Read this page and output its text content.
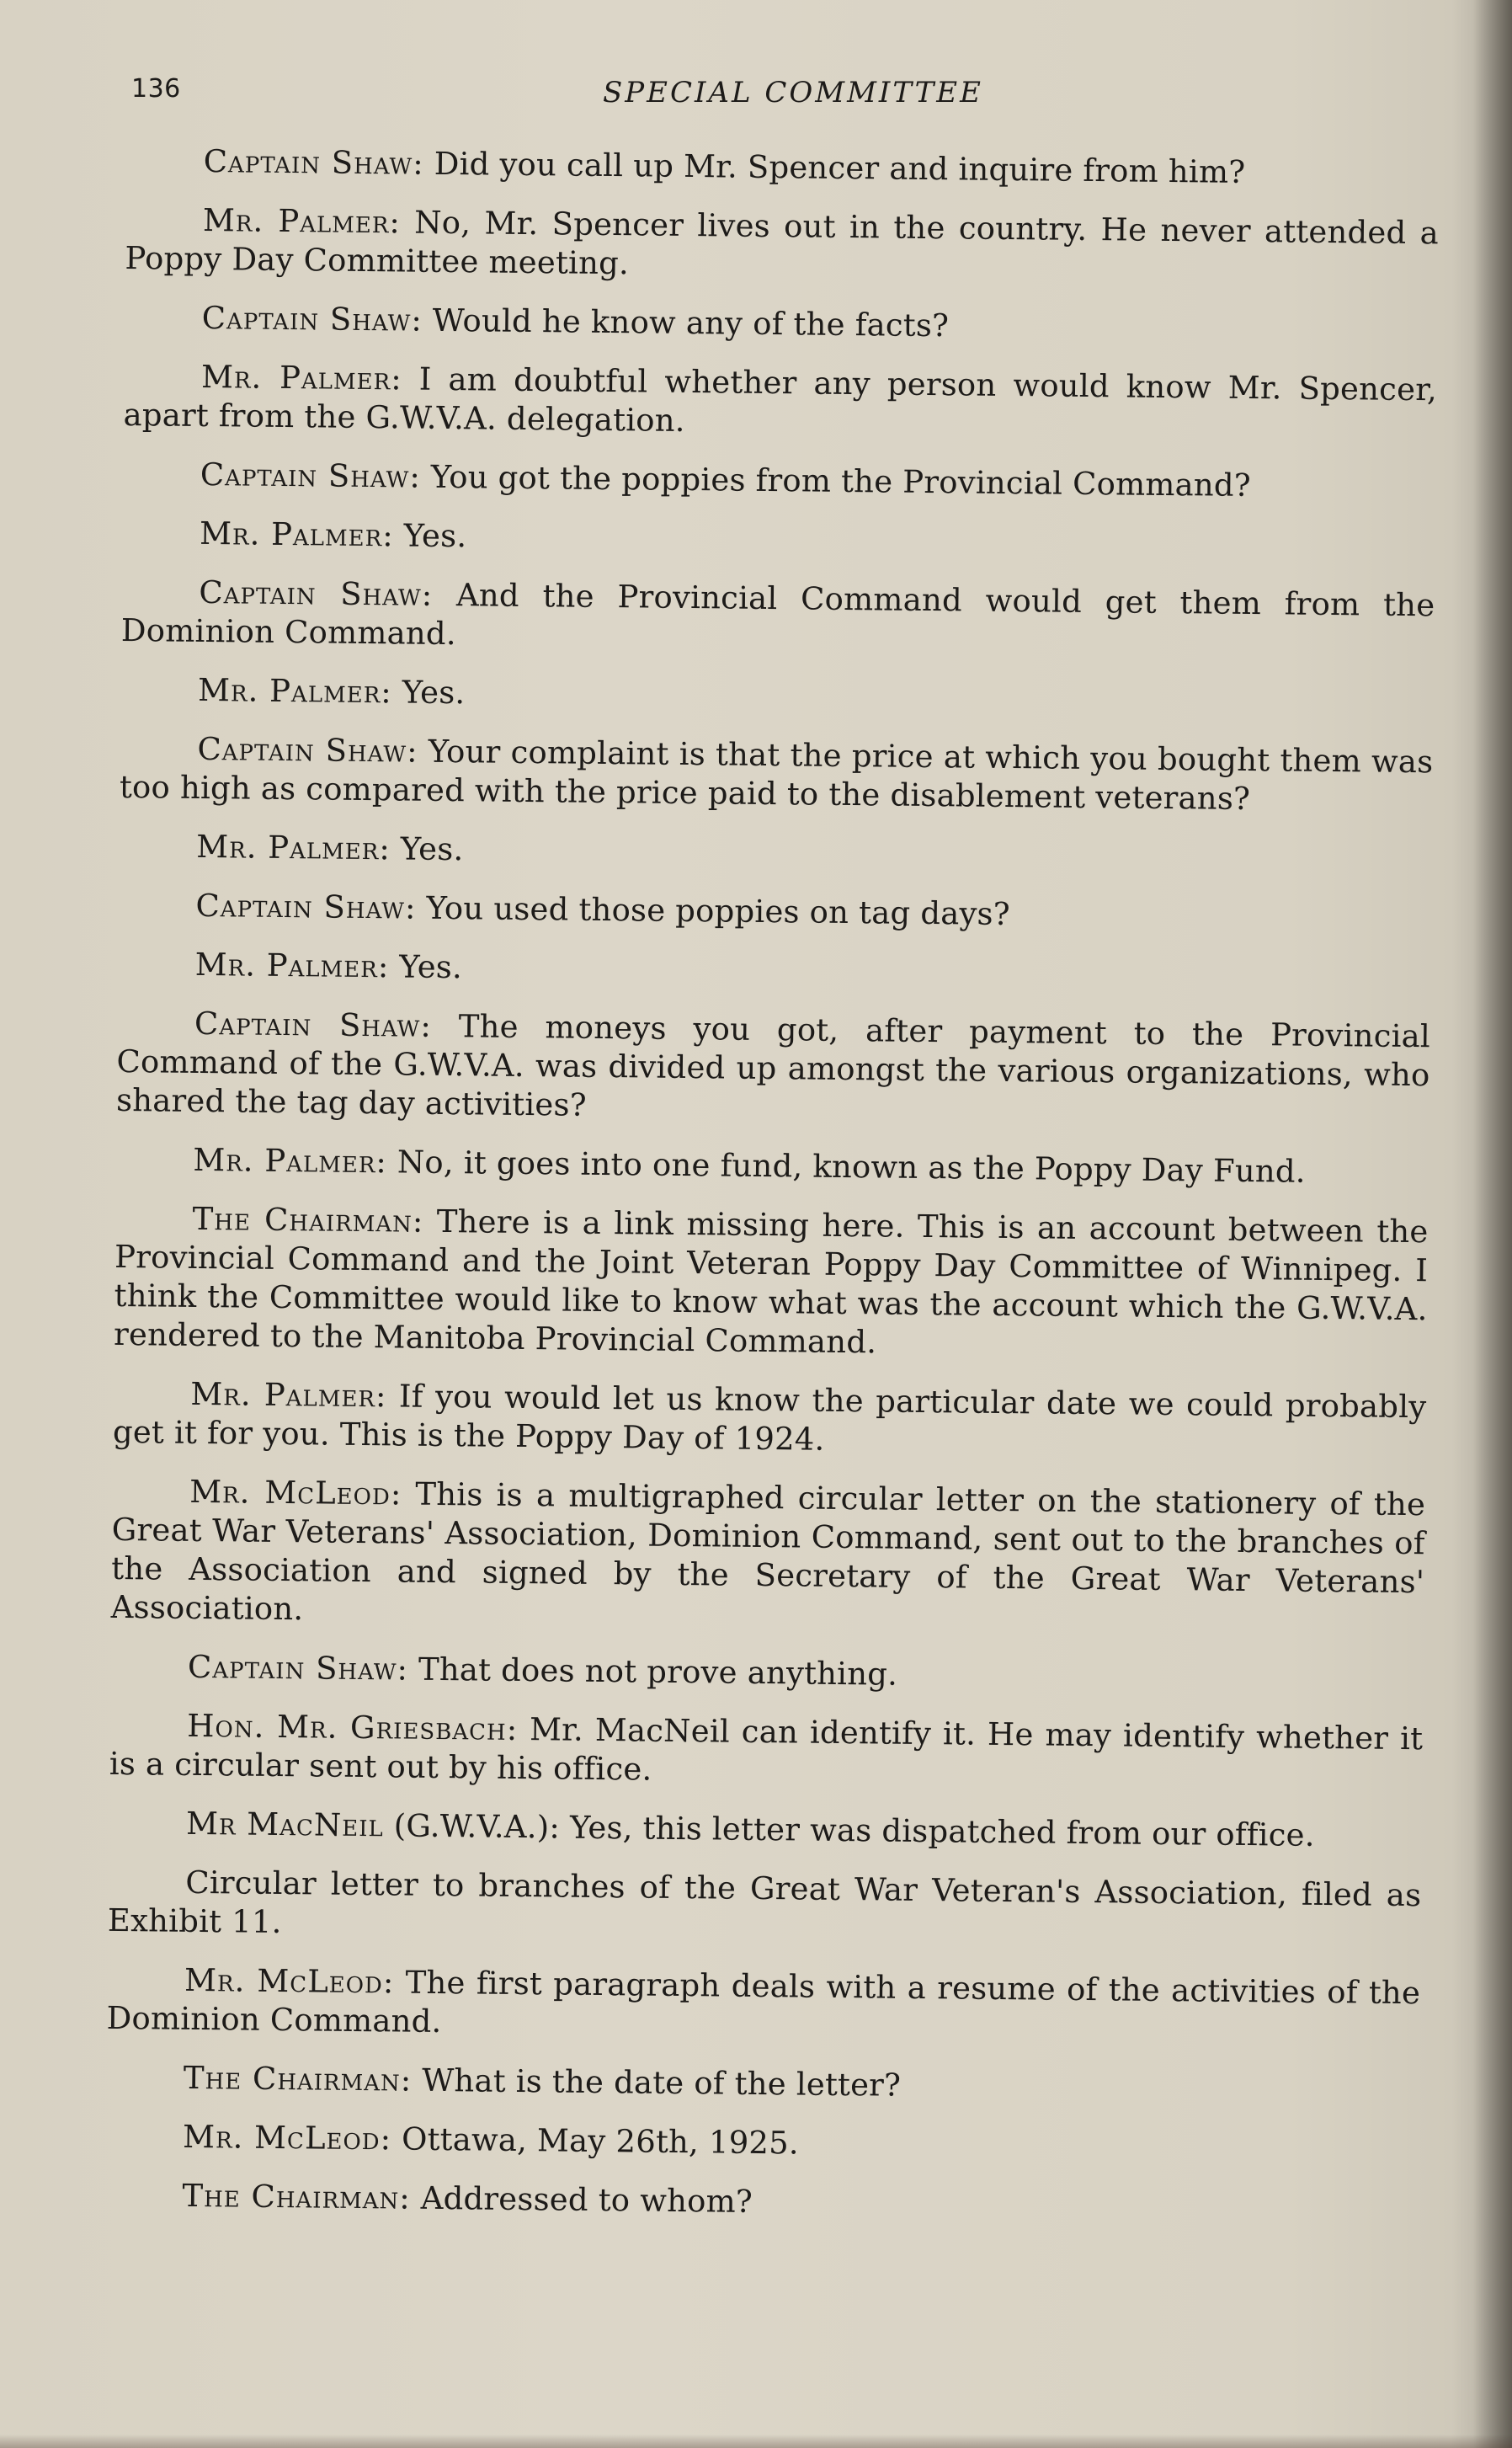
136	SPECIAL COMMITTEE

Captain Shaw: Did you call up Mr. Spencer and inquire from him?

Mr. Palmer: No, Mr. Spencer lives out in the country. He never attended a Poppy Day Committee meeting.

Captain Shaw: Would he know any of the facts?

Mr. Palmer: I am doubtful whether any person would know Mr. Spencer, apart from the G.W.V.A. delegation.

Captain Shaw: You got the poppies from the Provincial Command?

Mr. Palmer: Yes.

Captain Shaw: And the Provincial Command would get them from the Dominion Command.

Mr. Palmer: Yes.

Captain Shaw: Your complaint is that the price at which you bought them was too high as compared with the price paid to the disablement veterans?

Mr. Palmer: Yes.

Captain Shaw: You used those poppies on tag days?

Mr. Palmer: Yes.

Captain Shaw: The moneys you got, after payment to the Provincial Command of the G.W.V.A. was divided up amongst the various organizations, who shared the tag day activities?

Mr. Palmer: No, it goes into one fund, known as the Poppy Day Fund.

The Chairman: There is a link missing here. This is an account between the Provincial Command and the Joint Veteran Poppy Day Committee of Winnipeg. I think the Committee would like to know what was the account which the G.W.V.A. rendered to the Manitoba Provincial Command.

Mr. Palmer: If you would let us know the particular date we could probably get it for you. This is the Poppy Day of 1924.

Mr. McLeod: This is a multigraphed circular letter on the stationery of the Great War Veterans' Association, Dominion Command, sent out to the branches of the Association and signed by the Secretary of the Great War Veterans' Association.

Captain Shaw: That does not prove anything.

Hon. Mr. Griesbach: Mr. MacNeil can identify it. He may identify whether it is a circular sent out by his office.

Mr MacNeil (G.W.V.A.): Yes, this letter was dispatched from our office.

Circular letter to branches of the Great War Veteran's Association, filed as Exhibit 11.

Mr. McLeod: The first paragraph deals with a resume of the activities of the Dominion Command.

The Chairman: What is the date of the letter?

Mr. McLeod: Ottawa, May 26th, 1925.

The Chairman: Addressed to whom?
